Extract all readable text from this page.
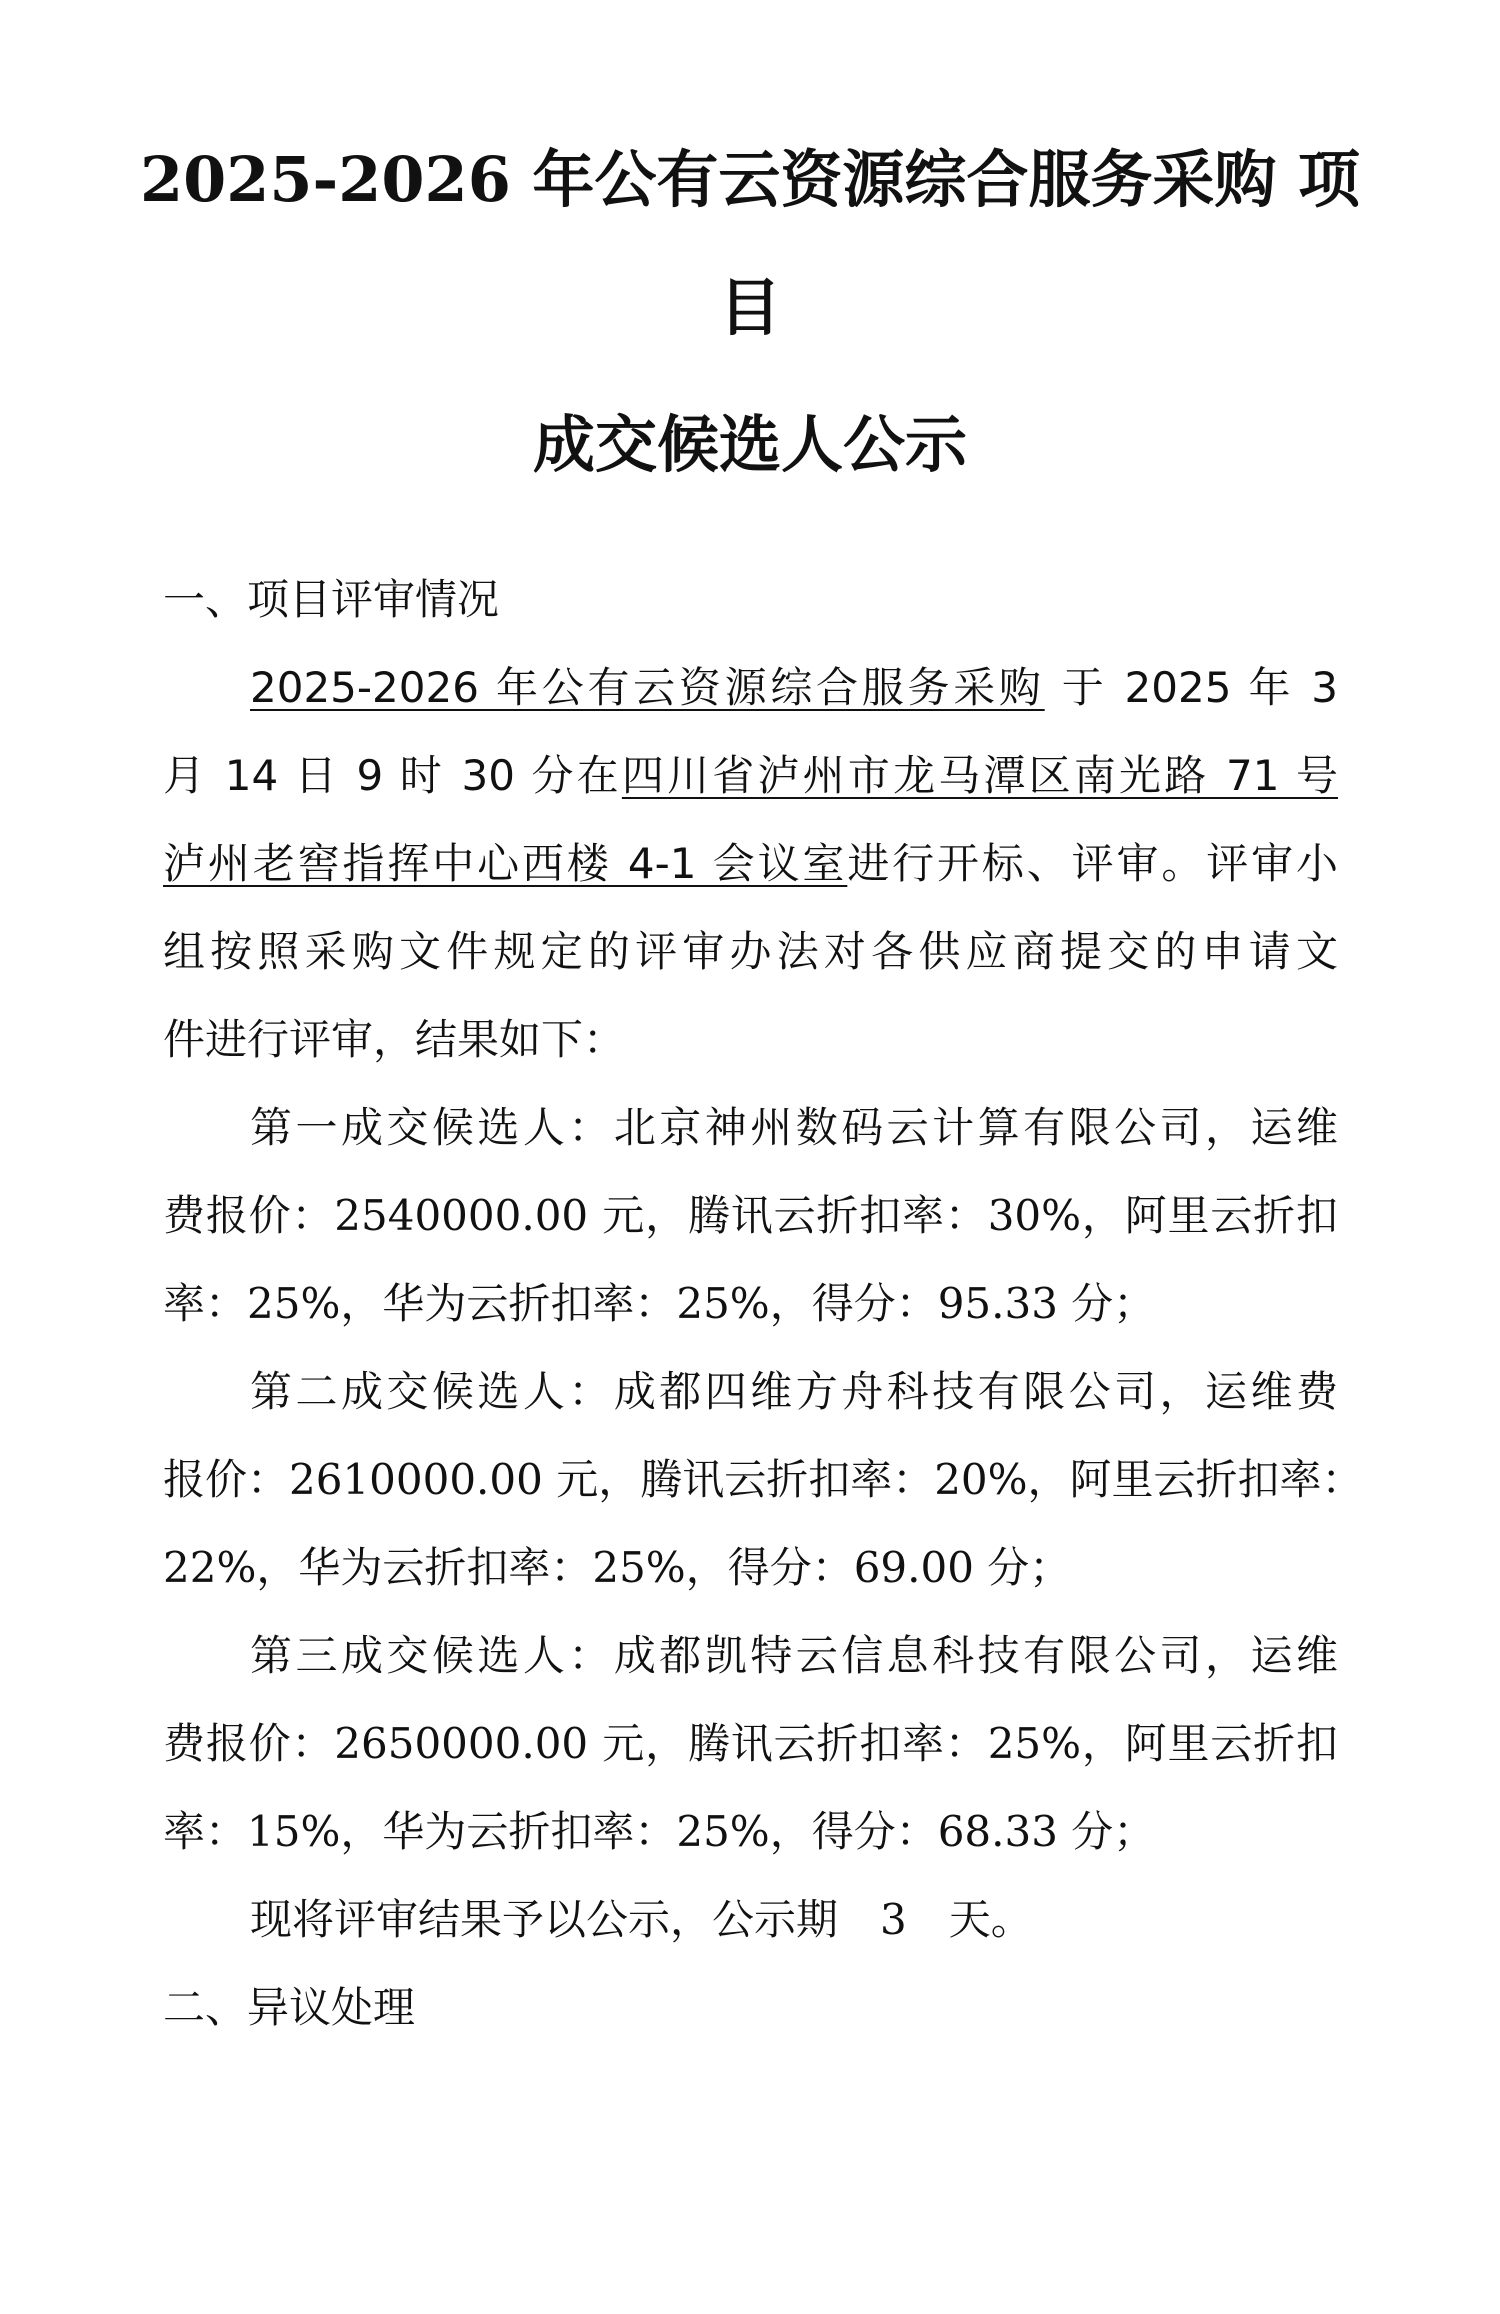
2025-2026 年公有云资源综合服务采购 项
目
成交候选人公示
一、项目评审情况
2025-2026 年公有云资源综合服务采购 于 2025 年 3
月 14 日 9 时 30 分在四川省泸州市龙马潭区南光路 71 号
泸州老窖指挥中心西楼 4-1 会议室进行开标、评审。评审小
组按照采购文件规定的评审办法对各供应商提交的申请文
件进行评审，结果如下：
第一成交候选人：北京神州数码云计算有限公司，运维
费报价：2540000.00 元，腾讯云折扣率：30%，阿里云折扣
率：25%，华为云折扣率：25%，得分：95.33 分；
第二成交候选人：成都四维方舟科技有限公司，运维费
报价：2610000.00 元，腾讯云折扣率：20%，阿里云折扣率：
22%，华为云折扣率：25%，得分：69.00 分；
第三成交候选人：成都凯特云信息科技有限公司，运维
费报价：2650000.00 元，腾讯云折扣率：25%，阿里云折扣
率：15%，华为云折扣率：25%，得分：68.33 分；
现将评审结果予以公示，公示期　3　天。
二、异议处理
